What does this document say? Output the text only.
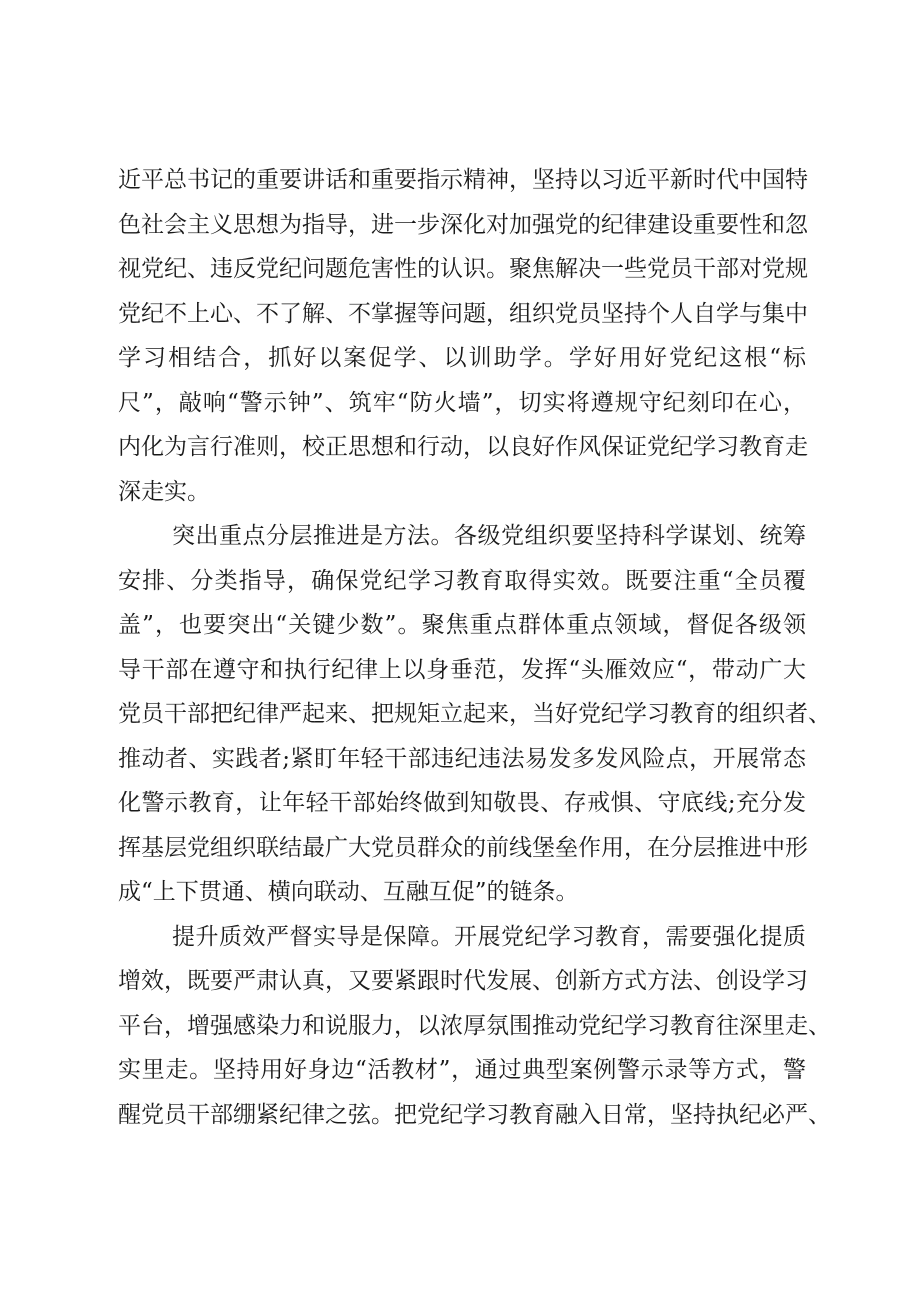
近平总书记的重要讲话和重要指示精神，坚持以习近平新时代中国特
色社会主义思想为指导，进一步深化对加强党的纪律建设重要性和忽
视党纪、违反党纪问题危害性的认识。聚焦解决一些党员干部对党规
党纪不上心、不了解、不掌握等问题，组织党员坚持个人自学与集中
学习相结合，抓好以案促学、以训助学。学好用好党纪这根“标
尺”，敲响“警示钟”、筑牢“防火墙”，切实将遵规守纪刻印在心，
内化为言行准则，校正思想和行动，以良好作风保证党纪学习教育走
深走实。
突出重点分层推进是方法。各级党组织要坚持科学谋划、统筹
安排、分类指导，确保党纪学习教育取得实效。既要注重“全员覆
盖”，也要突出“关键少数”。聚焦重点群体重点领域，督促各级领
导干部在遵守和执行纪律上以身垂范，发挥“头雁效应“，带动广大
党员干部把纪律严起来、把规矩立起来，当好党纪学习教育的组织者、
推动者、实践者;紧盯年轻干部违纪违法易发多发风险点，开展常态
化警示教育，让年轻干部始终做到知敬畏、存戒惧、守底线;充分发
挥基层党组织联结最广大党员群众的前线堡垒作用，在分层推进中形
成“上下贯通、横向联动、互融互促”的链条。
提升质效严督实导是保障。开展党纪学习教育，需要强化提质
增效，既要严肃认真，又要紧跟时代发展、创新方式方法、创设学习
平台，增强感染力和说服力，以浓厚氛围推动党纪学习教育往深里走、
实里走。坚持用好身边“活教材”，通过典型案例警示录等方式，警
醒党员干部绷紧纪律之弦。把党纪学习教育融入日常，坚持执纪必严、
